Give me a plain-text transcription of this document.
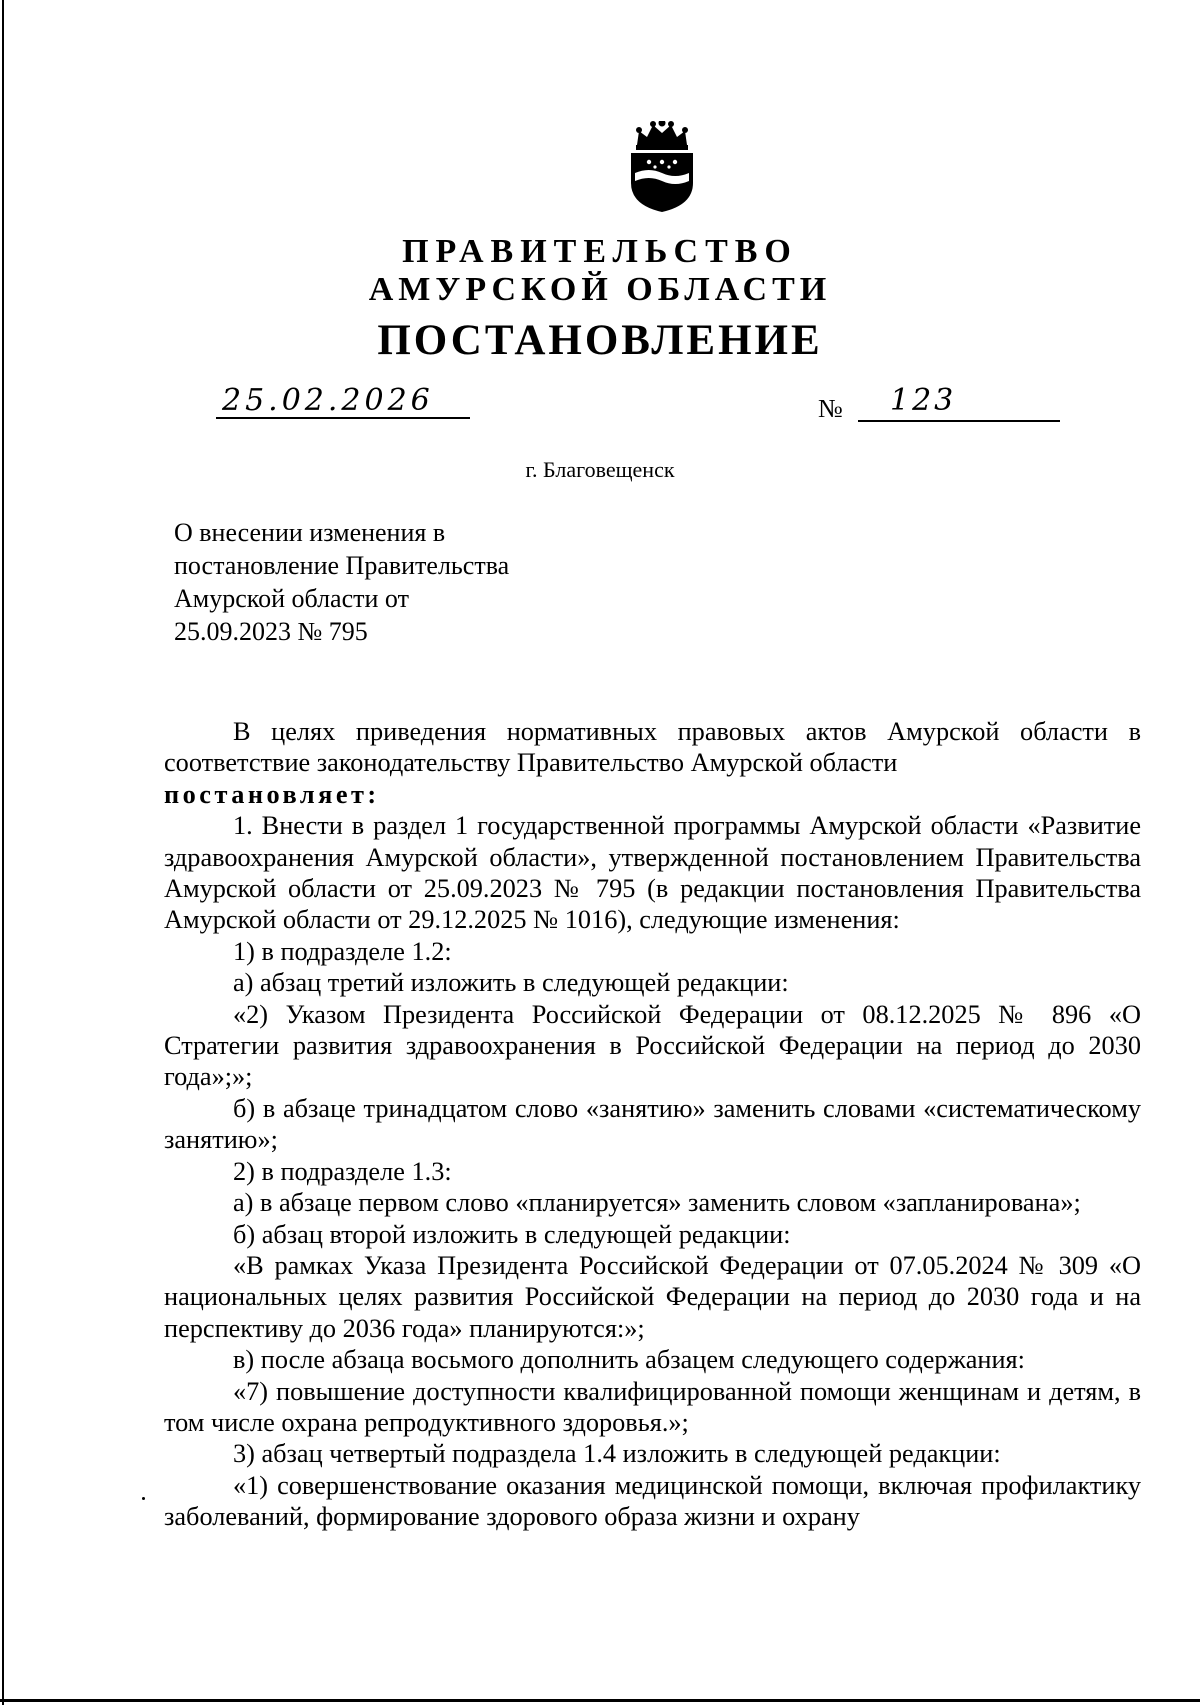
ПРАВИТЕЛЬСТВО
АМУРСКОЙ ОБЛАСТИ
ПОСТАНОВЛЕНИЕ
25.02.2026	№ 123
г. Благовещенск
О внесении изменения в
постановление Правительства
Амурской области от
25.09.2023 № 795

В целях приведения нормативных правовых актов Амурской области в соответствие законодательству Правительство Амурской области

постановляет:

1. Внести в раздел 1 государственной программы Амурской области «Развитие здравоохранения Амурской области», утвержденной постановлением Правительства Амурской области от 25.09.2023 № 795 (в редакции постановления Правительства Амурской области от 29.12.2025 № 1016), следующие изменения:

1) в подразделе 1.2:

а) абзац третий изложить в следующей редакции:

«2) Указом Президента Российской Федерации от 08.12.2025 № 896 «О Стратегии развития здравоохранения в Российской Федерации на период до 2030 года»;»;

б) в абзаце тринадцатом слово «занятию» заменить словами «систематическому занятию»;

2) в подразделе 1.3:

а) в абзаце первом слово «планируется» заменить словом «запланирована»;

б) абзац второй изложить в следующей редакции:

«В рамках Указа Президента Российской Федерации от 07.05.2024 № 309 «О национальных целях развития Российской Федерации на период до 2030 года и на перспективу до 2036 года» планируются:»;

в) после абзаца восьмого дополнить абзацем следующего содержания:

«7) повышение доступности квалифицированной помощи женщинам и детям, в том числе охрана репродуктивного здоровья.»;

3) абзац четвертый подраздела 1.4 изложить в следующей редакции:

«1) совершенствование оказания медицинской помощи, включая профилактику заболеваний, формирование здорового образа жизни и охрану
